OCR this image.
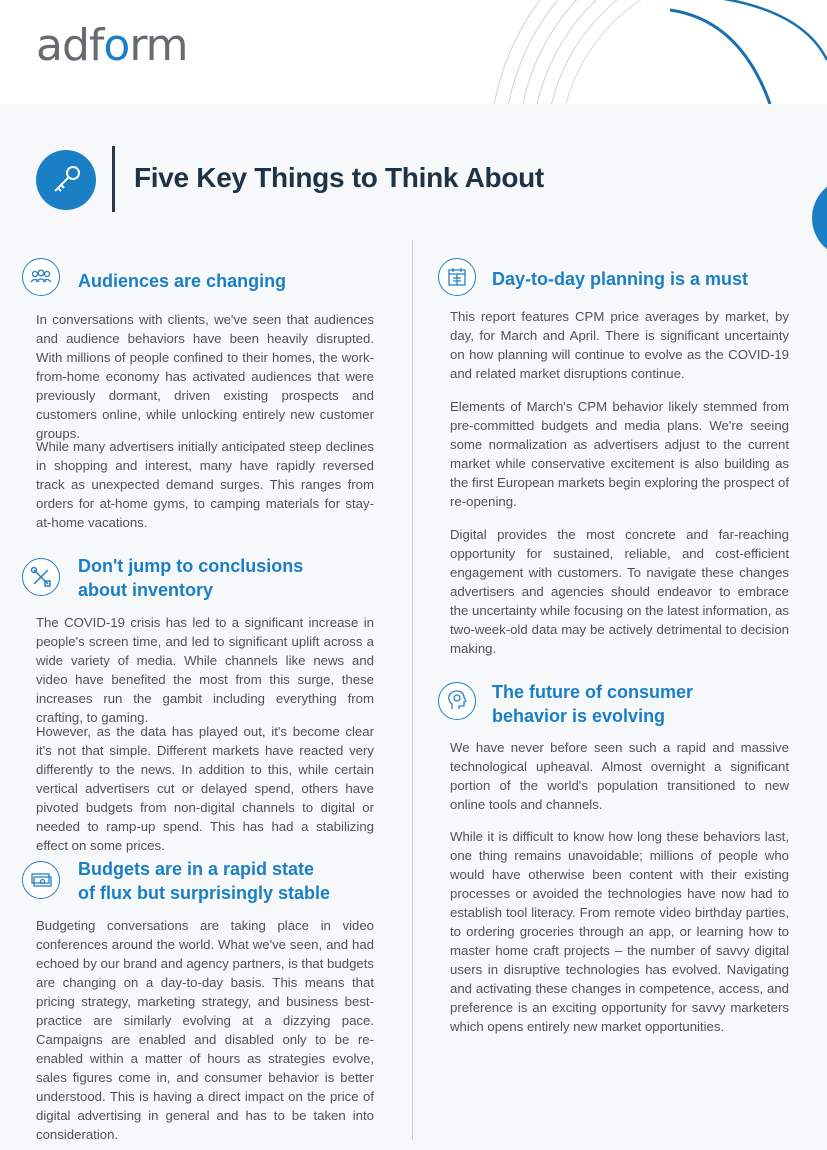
adform
Five Key Things to Think About
Audiences are changing

In conversations with clients, we've seen that audiences and audience behaviors have been heavily disrupted. With millions of people confined to their homes, the work-from-home economy has activated audiences that were previously dormant, driven existing prospects and customers online, while unlocking entirely new customer groups.

While many advertisers initially anticipated steep declines in shopping and interest, many have rapidly reversed track as unexpected demand surges. This ranges from orders for at-home gyms, to camping materials for stay-at-home vacations.

Don't jump to conclusions
about inventory

The COVID-19 crisis has led to a significant increase in people's screen time, and led to significant uplift across a wide variety of media. While channels like news and video have benefited the most from this surge, these increases run the gambit including everything from crafting, to gaming.

However, as the data has played out, it's become clear it's not that simple. Different markets have reacted very differently to the news. In addition to this, while certain vertical advertisers cut or delayed spend, others have pivoted budgets from non-digital channels to digital or needed to ramp-up spend. This has had a stabilizing effect on some prices.

Budgets are in a rapid state
of flux but surprisingly stable

Budgeting conversations are taking place in video conferences around the world. What we've seen, and had echoed by our brand and agency partners, is that budgets are changing on a day-to-day basis. This means that pricing strategy, marketing strategy, and business best-practice are similarly evolving at a dizzying pace. Campaigns are enabled and disabled only to be re-enabled within a matter of hours as strategies evolve, sales figures come in, and consumer behavior is better understood. This is having a direct impact on the price of digital advertising in general and has to be taken into consideration.

Day-to-day planning is a must

This report features CPM price averages by market, by day, for March and April. There is significant uncertainty on how planning will continue to evolve as the COVID-19 and related market disruptions continue.

Elements of March's CPM behavior likely stemmed from pre-committed budgets and media plans. We're seeing some normalization as advertisers adjust to the current market while conservative excitement is also building as the first European markets begin exploring the prospect of re-opening.

Digital provides the most concrete and far-reaching opportunity for sustained, reliable, and cost-efficient engagement with customers. To navigate these changes advertisers and agencies should endeavor to embrace the uncertainty while focusing on the latest information, as two-week-old data may be actively detrimental to decision making.

The future of consumer
behavior is evolving

We have never before seen such a rapid and massive technological upheaval. Almost overnight a significant portion of the world's population transitioned to new online tools and channels.

While it is difficult to know how long these behaviors last, one thing remains unavoidable; millions of people who would have otherwise been content with their existing processes or avoided the technologies have now had to establish tool literacy. From remote video birthday parties, to ordering groceries through an app, or learning how to master home craft projects – the number of savvy digital users in disruptive technologies has evolved. Navigating and activating these changes in competence, access, and preference is an exciting opportunity for savvy marketers which opens entirely new market opportunities.
